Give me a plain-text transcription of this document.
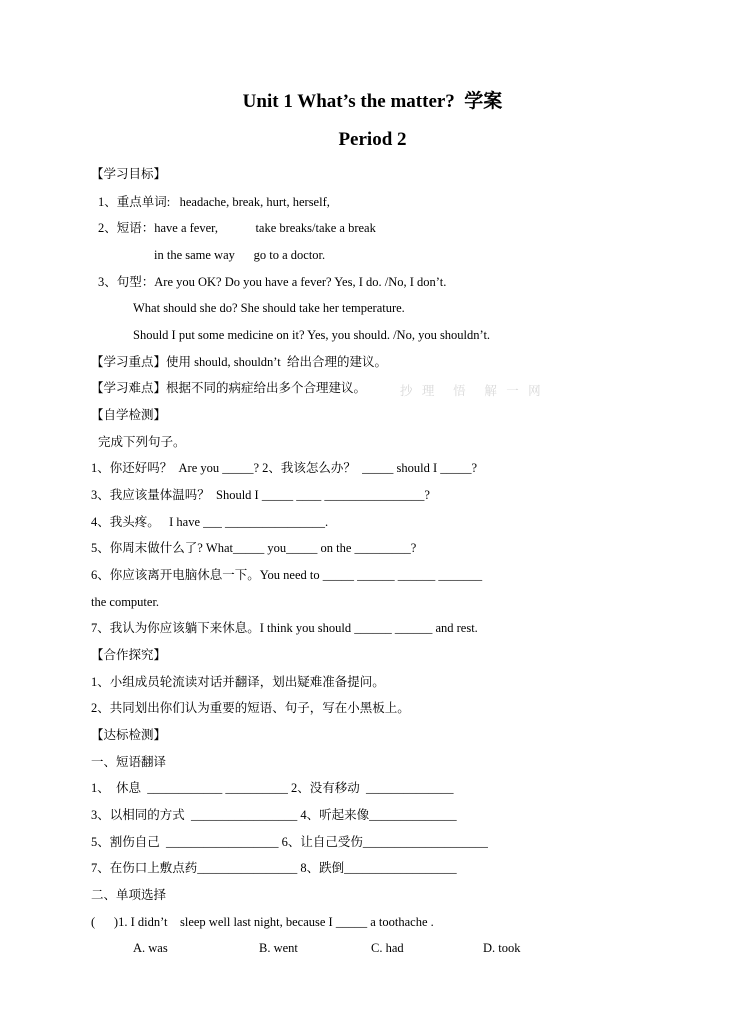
Unit 1 What’s the matter?  学案
Period 2
【学习目标】
1、重点单词:   headache, break, hurt, herself,
2、短语：have a fever,            take breaks/take a break
in the same way      go to a doctor.
3、句型：Are you OK? Do you have a fever? Yes, I do. /No, I don’t.
What should she do? She should take her temperature.
Should I put some medicine on it? Yes, you should. /No, you shouldn’t.
【学习重点】使用 should, shouldn’t  给出合理的建议。
【学习难点】根据不同的病症给出多个合理建议。	抄   理      悟      解   一   网
【自学检测】
完成下列句子。
1、你还好吗？  Are you _____? 2、我该怎么办？  _____ should I _____?
3、我应该量体温吗？  Should I _____ ____ ________________?
4、我头疼。   I have ___ ________________.
5、你周末做什么了? What_____ you_____ on the _________?
6、你应该离开电脑休息一下。You need to _____ ______ ______ _______
the computer.
7、我认为你应该躺下来休息。I think you should ______ ______ and rest.
【合作探究】
1、小组成员轮流读对话并翻译，划出疑难准备提问。
2、共同划出你们认为重要的短语、句子，写在小黑板上。
【达标检测】
一、短语翻译
1、  休息  ____________ __________ 2、没有移动  ______________
3、以相同的方式  _________________ 4、听起来像______________
5、割伤自己  __________________ 6、让自己受伤____________________
7、在伤口上敷点药________________ 8、跌倒__________________
二、单项选择
(      )1. I didn’t    sleep well last night, because I _____ a toothache .
A. was	B. went	C. had	D. took
